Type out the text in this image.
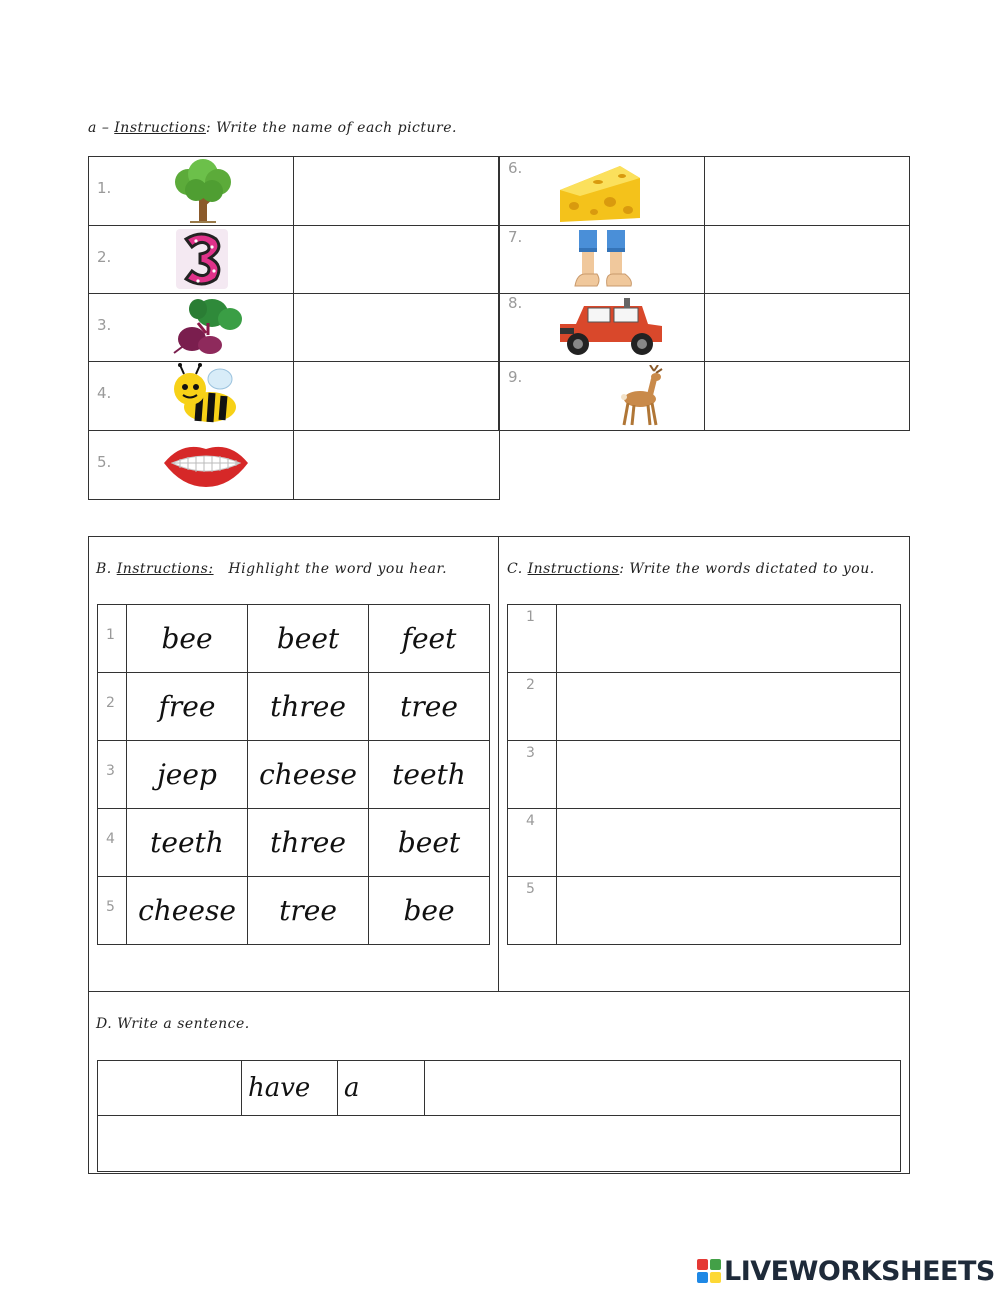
a – Instructions: Write the name of each picture.
1.
2.
3.
4.
5.
6.
7.
8.
9.
B. Instructions: Highlight the word you hear.
1	bee	beet	feet

2	free	three	tree

3	jeep	cheese	teeth

4	teeth	three	beet

5	cheese	tree	bee
C. Instructions: Write the words dictated to you.
1	

2	

3	

4	

5	

D. Write a sentence.

have	a

LIVEWORKSHEETS
